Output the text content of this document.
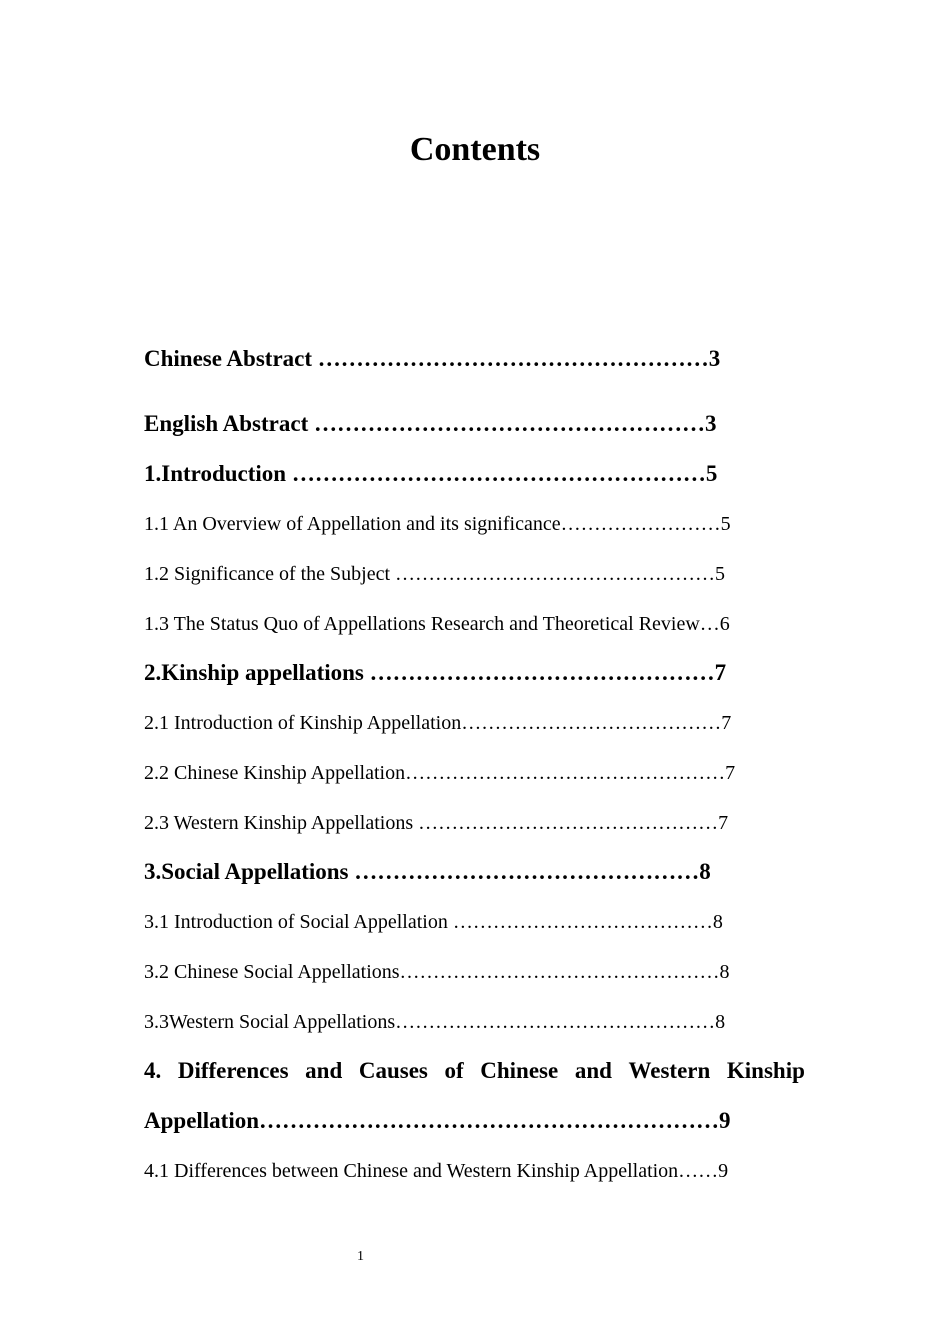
Contents
Chinese Abstract ……………………………………………3
English Abstract ……………………………………………3
1.Introduction ………………………………………………5
1.1 An Overview of Appellation and its significance……………………5
1.2 Significance of the Subject …………………………………………5
1.3 The Status Quo of Appellations Research and Theoretical Review…6
2.Kinship appellations ………………………………………7
2.1 Introduction of Kinship Appellation…………………………………7
2.2 Chinese Kinship Appellation…………………………………………7
2.3 Western Kinship Appellations ………………………………………7
3.Social Appellations ………………………………………8
3.1 Introduction of Social Appellation …………………………………8
3.2 Chinese Social Appellations…………………………………………8
3.3Western Social Appellations…………………………………………8
4. Differences and Causes of Chinese and Western Kinship
Appellation……………………………………………………9
4.1 Differences between Chinese and Western Kinship Appellation……9
1
